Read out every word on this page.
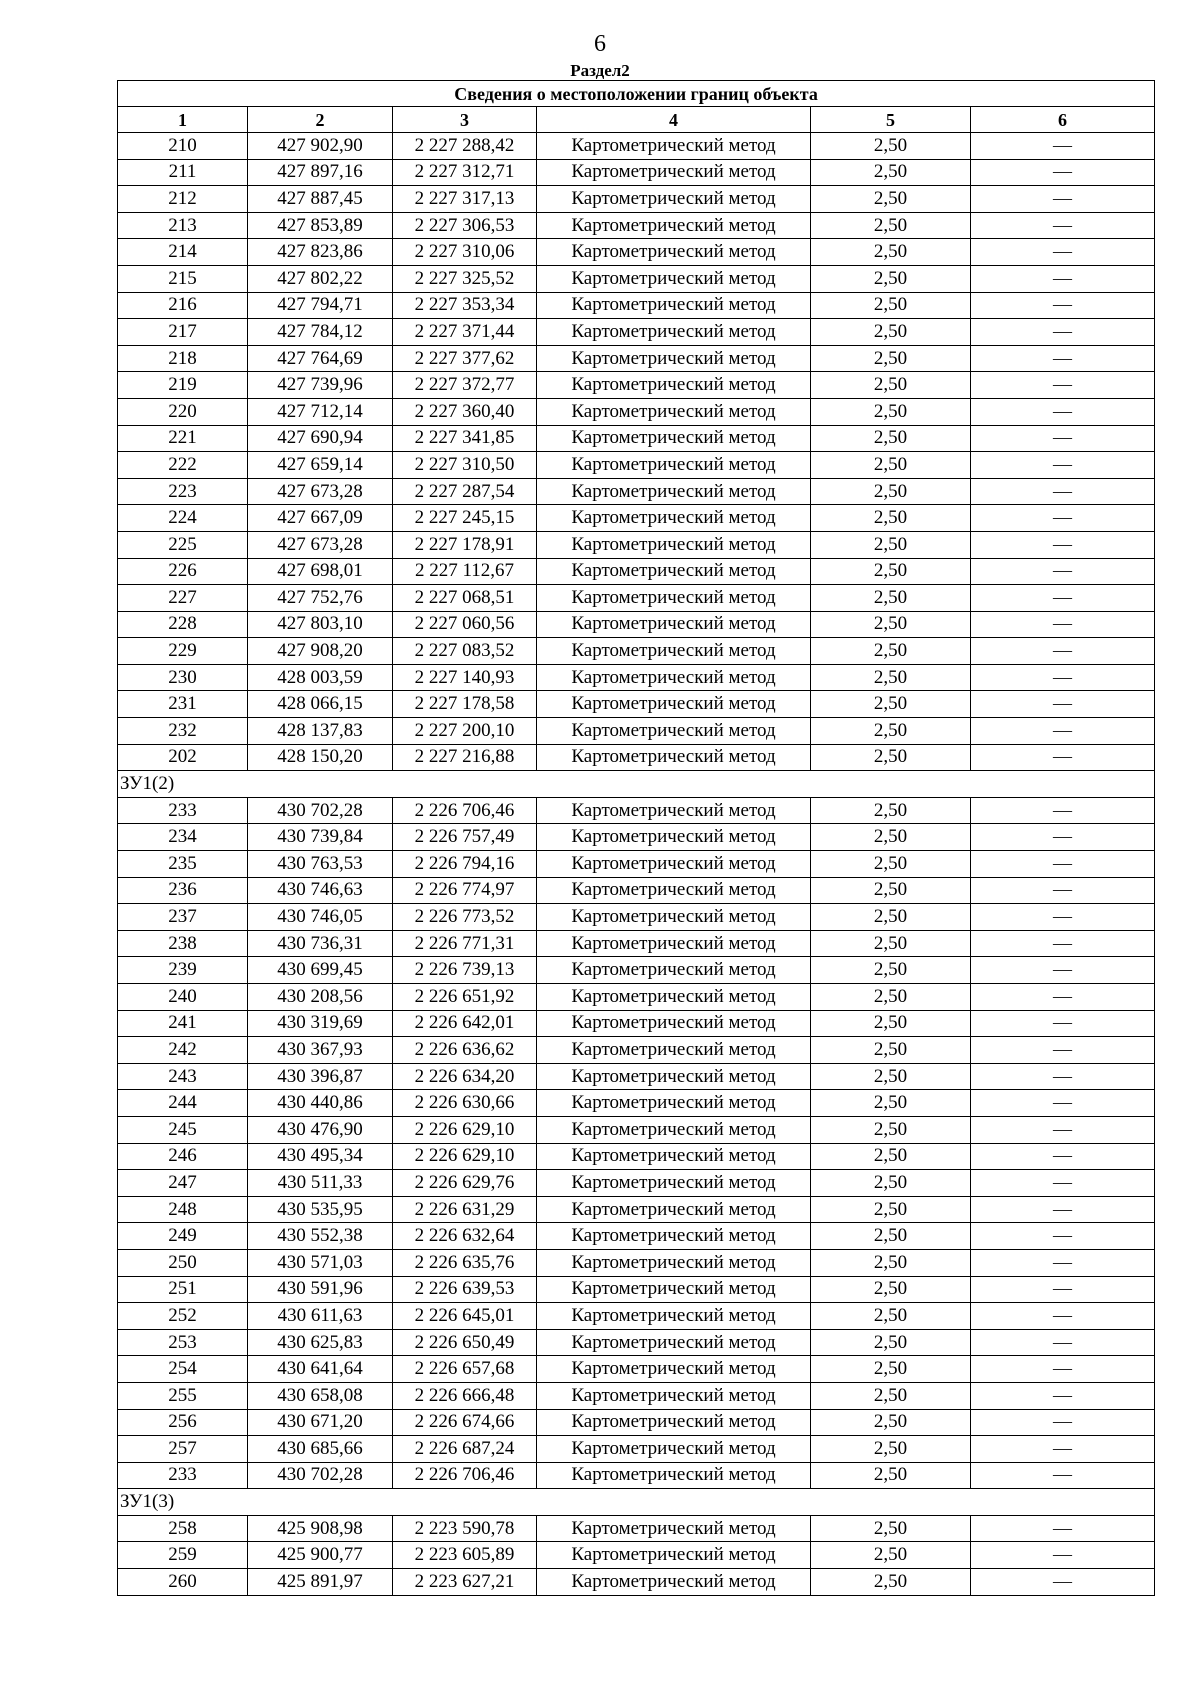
6
Раздел2
Сведения о местоположении границ объекта					
1	2	3	4	5	6
210	427 902,90	2 227 288,42	Картометрический метод	2,50	—
211	427 897,16	2 227 312,71	Картометрический метод	2,50	—
212	427 887,45	2 227 317,13	Картометрический метод	2,50	—
213	427 853,89	2 227 306,53	Картометрический метод	2,50	—
214	427 823,86	2 227 310,06	Картометрический метод	2,50	—
215	427 802,22	2 227 325,52	Картометрический метод	2,50	—
216	427 794,71	2 227 353,34	Картометрический метод	2,50	—
217	427 784,12	2 227 371,44	Картометрический метод	2,50	—
218	427 764,69	2 227 377,62	Картометрический метод	2,50	—
219	427 739,96	2 227 372,77	Картометрический метод	2,50	—
220	427 712,14	2 227 360,40	Картометрический метод	2,50	—
221	427 690,94	2 227 341,85	Картометрический метод	2,50	—
222	427 659,14	2 227 310,50	Картометрический метод	2,50	—
223	427 673,28	2 227 287,54	Картометрический метод	2,50	—
224	427 667,09	2 227 245,15	Картометрический метод	2,50	—
225	427 673,28	2 227 178,91	Картометрический метод	2,50	—
226	427 698,01	2 227 112,67	Картометрический метод	2,50	—
227	427 752,76	2 227 068,51	Картометрический метод	2,50	—
228	427 803,10	2 227 060,56	Картометрический метод	2,50	—
229	427 908,20	2 227 083,52	Картометрический метод	2,50	—
230	428 003,59	2 227 140,93	Картометрический метод	2,50	—
231	428 066,15	2 227 178,58	Картометрический метод	2,50	—
232	428 137,83	2 227 200,10	Картометрический метод	2,50	—
202	428 150,20	2 227 216,88	Картометрический метод	2,50	—
ЗУ1(2)					
233	430 702,28	2 226 706,46	Картометрический метод	2,50	—
234	430 739,84	2 226 757,49	Картометрический метод	2,50	—
235	430 763,53	2 226 794,16	Картометрический метод	2,50	—
236	430 746,63	2 226 774,97	Картометрический метод	2,50	—
237	430 746,05	2 226 773,52	Картометрический метод	2,50	—
238	430 736,31	2 226 771,31	Картометрический метод	2,50	—
239	430 699,45	2 226 739,13	Картометрический метод	2,50	—
240	430 208,56	2 226 651,92	Картометрический метод	2,50	—
241	430 319,69	2 226 642,01	Картометрический метод	2,50	—
242	430 367,93	2 226 636,62	Картометрический метод	2,50	—
243	430 396,87	2 226 634,20	Картометрический метод	2,50	—
244	430 440,86	2 226 630,66	Картометрический метод	2,50	—
245	430 476,90	2 226 629,10	Картометрический метод	2,50	—
246	430 495,34	2 226 629,10	Картометрический метод	2,50	—
247	430 511,33	2 226 629,76	Картометрический метод	2,50	—
248	430 535,95	2 226 631,29	Картометрический метод	2,50	—
249	430 552,38	2 226 632,64	Картометрический метод	2,50	—
250	430 571,03	2 226 635,76	Картометрический метод	2,50	—
251	430 591,96	2 226 639,53	Картометрический метод	2,50	—
252	430 611,63	2 226 645,01	Картометрический метод	2,50	—
253	430 625,83	2 226 650,49	Картометрический метод	2,50	—
254	430 641,64	2 226 657,68	Картометрический метод	2,50	—
255	430 658,08	2 226 666,48	Картометрический метод	2,50	—
256	430 671,20	2 226 674,66	Картометрический метод	2,50	—
257	430 685,66	2 226 687,24	Картометрический метод	2,50	—
233	430 702,28	2 226 706,46	Картометрический метод	2,50	—
ЗУ1(3)					
258	425 908,98	2 223 590,78	Картометрический метод	2,50	—
259	425 900,77	2 223 605,89	Картометрический метод	2,50	—
260	425 891,97	2 223 627,21	Картометрический метод	2,50	—
